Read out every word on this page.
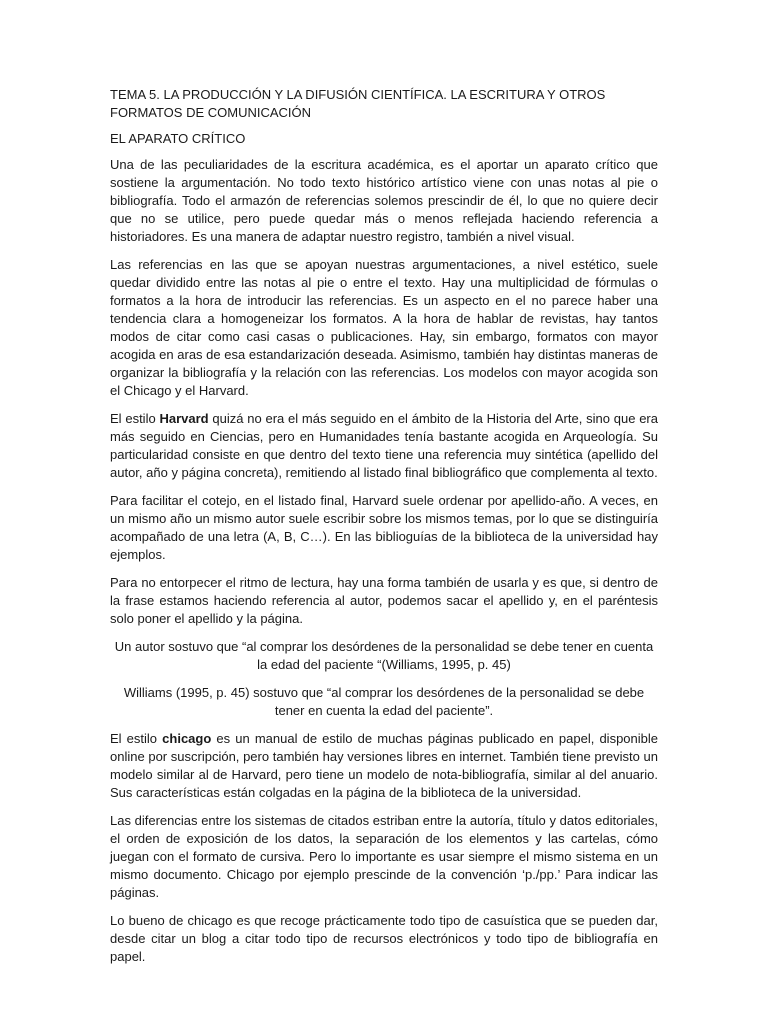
TEMA 5. LA PRODUCCIÓN Y LA DIFUSIÓN CIENTÍFICA. LA ESCRITURA Y OTROS FORMATOS DE COMUNICACIÓN

EL APARATO CRÍTICO

Una de las peculiaridades de la escritura académica, es el aportar un aparato crítico que sostiene la argumentación. No todo texto histórico artístico viene con unas notas al pie o bibliografía. Todo el armazón de referencias solemos prescindir de él, lo que no quiere decir que no se utilice, pero puede quedar más o menos reflejada haciendo referencia a historiadores. Es una manera de adaptar nuestro registro, también a nivel visual.

Las referencias en las que se apoyan nuestras argumentaciones, a nivel estético, suele quedar dividido entre las notas al pie o entre el texto. Hay una multiplicidad de fórmulas o formatos a la hora de introducir las referencias. Es un aspecto en el no parece haber una tendencia clara a homogeneizar los formatos. A la hora de hablar de revistas, hay tantos modos de citar como casi casas o publicaciones. Hay, sin embargo, formatos con mayor acogida en aras de esa estandarización deseada. Asimismo, también hay distintas maneras de organizar la bibliografía y la relación con las referencias. Los modelos con mayor acogida son el Chicago y el Harvard.

El estilo Harvard quizá no era el más seguido en el ámbito de la Historia del Arte, sino que era más seguido en Ciencias, pero en Humanidades tenía bastante acogida en Arqueología. Su particularidad consiste en que dentro del texto tiene una referencia muy sintética (apellido del autor, año y página concreta), remitiendo al listado final bibliográfico que complementa al texto.

Para facilitar el cotejo, en el listado final, Harvard suele ordenar por apellido-año. A veces, en un mismo año un mismo autor suele escribir sobre los mismos temas, por lo que se distinguiría acompañado de una letra (A, B, C…). En las biblioguías de la biblioteca de la universidad hay ejemplos.

Para no entorpecer el ritmo de lectura, hay una forma también de usarla y es que, si dentro de la frase estamos haciendo referencia al autor, podemos sacar el apellido y, en el paréntesis solo poner el apellido y la página.

Un autor sostuvo que “al comprar los desórdenes de la personalidad se debe tener en cuenta la edad del paciente “(Williams, 1995, p. 45)

Williams (1995, p. 45) sostuvo que “al comprar los desórdenes de la personalidad se debe tener en cuenta la edad del paciente”.

El estilo chicago es un manual de estilo de muchas páginas publicado en papel, disponible online por suscripción, pero también hay versiones libres en internet. También tiene previsto un modelo similar al de Harvard, pero tiene un modelo de nota-bibliografía, similar al del anuario. Sus características están colgadas en la página de la biblioteca de la universidad.

Las diferencias entre los sistemas de citados estriban entre la autoría, título y datos editoriales, el orden de exposición de los datos, la separación de los elementos y las cartelas, cómo juegan con el formato de cursiva. Pero lo importante es usar siempre el mismo sistema en un mismo documento. Chicago por ejemplo prescinde de la convención ‘p./pp.’ Para indicar las páginas.

Lo bueno de chicago es que recoge prácticamente todo tipo de casuística que se pueden dar, desde citar un blog a citar todo tipo de recursos electrónicos y todo tipo de bibliografía en papel.
